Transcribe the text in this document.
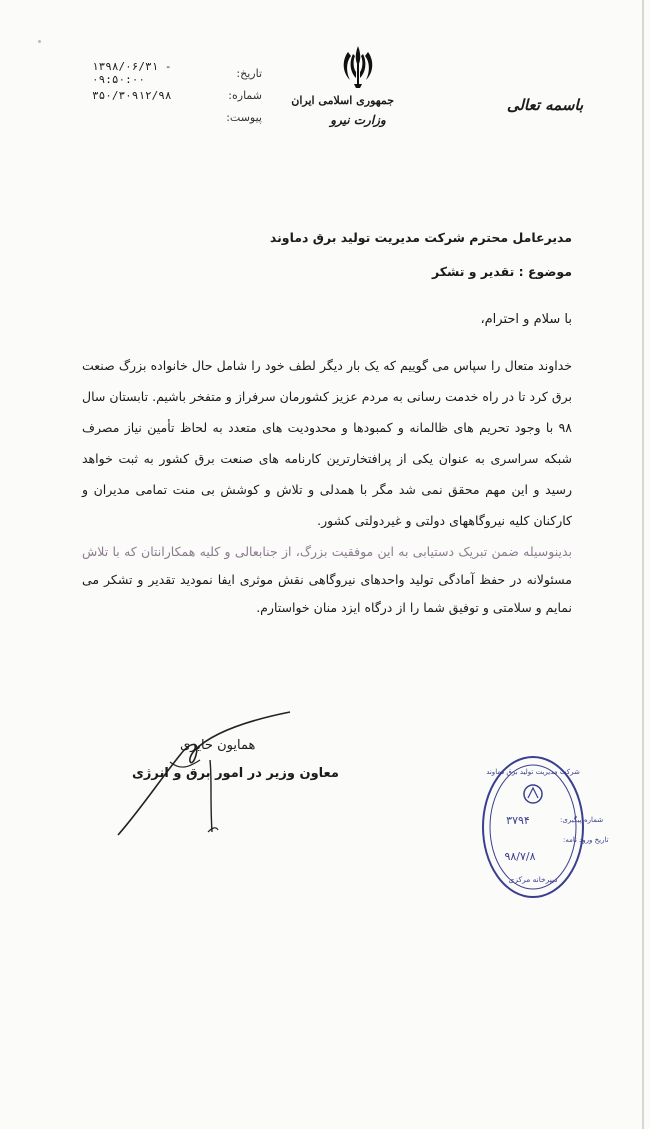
تاریخ:
۱۳۹۸/۰۶/۳۱ - ۰۹:۵۰:۰۰
شماره:
۳۵۰/۳۰۹۱۲/۹۸
پیوست:
جمهوری اسلامی ایران
وزارت نیرو
باسمه تعالی
مدیرعامل محترم شرکت مدیریت تولید برق دماوند
موضوع : تقدیر و تشکر
با سلام و احترام،
خداوند متعال را سپاس می گوییم که یک بار دیگر لطف خود را شامل حال خانواده بزرگ صنعت برق کرد تا در راه خدمت رسانی به مردم عزیز کشورمان سرفراز و متفخر باشیم. تابستان سال ۹۸ با وجود تحریم های ظالمانه و کمبودها و محدودیت های متعدد به لحاظ تأمین نیاز مصرف شبکه سراسری به عنوان یکی از پرافتخارترین کارنامه های صنعت برق کشور به ثبت خواهد رسید و این مهم محقق نمی شد مگر با همدلی و تلاش و کوشش بی منت تمامی مدیران و کارکنان کلیه نیروگاههای دولتی و غیردولتی کشور.
بدینوسیله ضمن تبریک دستیابی به این موفقیت بزرگ، از جنابعالی و کلیه همکارانتان که با تلاش مسئولانه در حفظ آمادگی تولید واحدهای نیروگاهی نقش موثری ایفا نمودید تقدیر و تشکر می نمایم و سلامتی و توفیق شما را از درگاه ایزد منان خواستارم.
همایون حایری
معاون وزیر در امور برق و انرژی	شرکت مدیریت تولید برق دماوند
شماره پیگیری:
۳۷۹۴
تاریخ ورود نامه:
۹۸/۷/۸
دبیرخانه مرکزی
